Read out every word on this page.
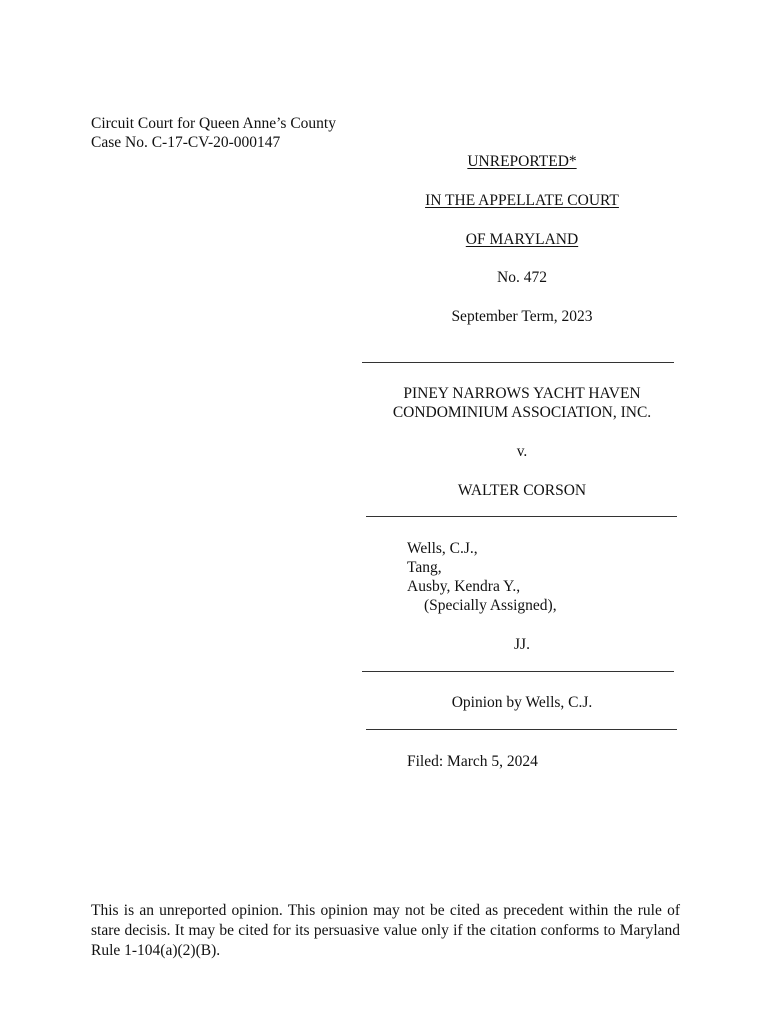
Circuit Court for Queen Anne’s County
Case No. C-17-CV-20-000147
UNREPORTED*
IN THE APPELLATE COURT
OF MARYLAND
No. 472
September Term, 2023
PINEY NARROWS YACHT HAVEN
CONDOMINIUM ASSOCIATION, INC.
v.
WALTER CORSON
Wells, C.J.,
Tang,
Ausby, Kendra Y.,
(Specially Assigned),
JJ.
Opinion by Wells, C.J.
Filed: March 5, 2024
This is an unreported opinion. This opinion may not be cited as precedent within the rule of stare decisis. It may be cited for its persuasive value only if the citation conforms to Maryland Rule 1-104(a)(2)(B).
